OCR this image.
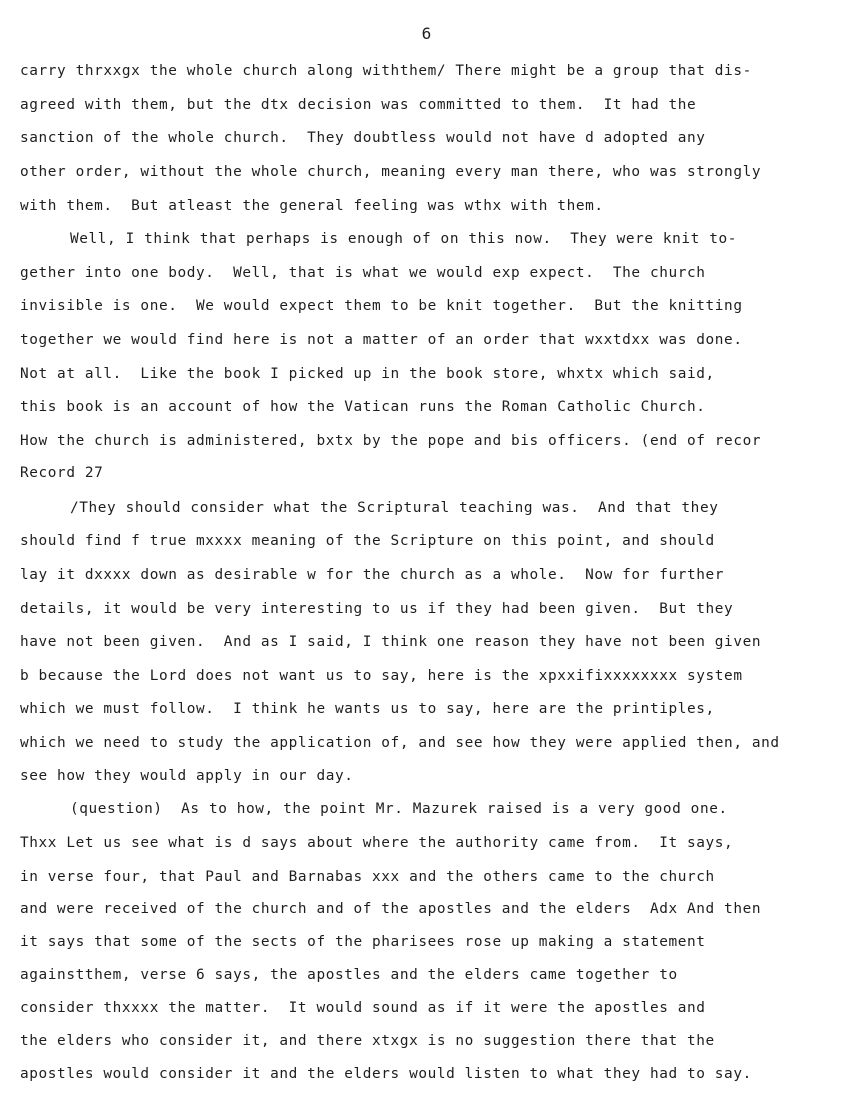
6
carry thrxxgx the whole church along withthem/ There might be a group that dis-
agreed with them, but the dtx decision was committed to them.  It had the
sanction of the whole church.  They doubtless would not have d adopted any
other order, without the whole church, meaning every man there, who was strongly
with them.  But atleast the general feeling was wthx with them.
Well, I think that perhaps is enough of on this now.  They were knit to-
gether into one body.  Well, that is what we would exp expect.  The church
invisible is one.  We would expect them to be knit together.  But the knitting
together we would find here is not a matter of an order that wxxtdxx was done.
Not at all.  Like the book I picked up in the book store, whxtx which said,
this book is an account of how the Vatican runs the Roman Catholic Church.
How the church is administered, bxtx by the pope and bis officers. (end of recor
Record 27
/They should consider what the Scriptural teaching was.  And that they
should find f true mxxxx meaning of the Scripture on this point, and should
lay it dxxxx down as desirable w for the church as a whole.  Now for further
details, it would be very interesting to us if they had been given.  But they
have not been given.  And as I said, I think one reason they have not been given
b because the Lord does not want us to say, here is the xpxxifixxxxxxxx system
which we must follow.  I think he wants us to say, here are the printiples,
which we need to study the application of, and see how they were applied then, and
see how they would apply in our day.
(question)  As to how, the point Mr. Mazurek raised is a very good one.
Thxx Let us see what is d says about where the authority came from.  It says,
in verse four, that Paul and Barnabas xxx and the others came to the church
and were received of the church and of the apostles and the elders  Adx And then
it says that some of the sects of the pharisees rose up making a statement
againstthem, verse 6 says, the apostles and the elders came together to
consider thxxxx the matter.  It would sound as if it were the apostles and
the elders who consider it, and there xtxgx is no suggestion there that the
apostles would consider it and the elders would listen to what they had to say.
